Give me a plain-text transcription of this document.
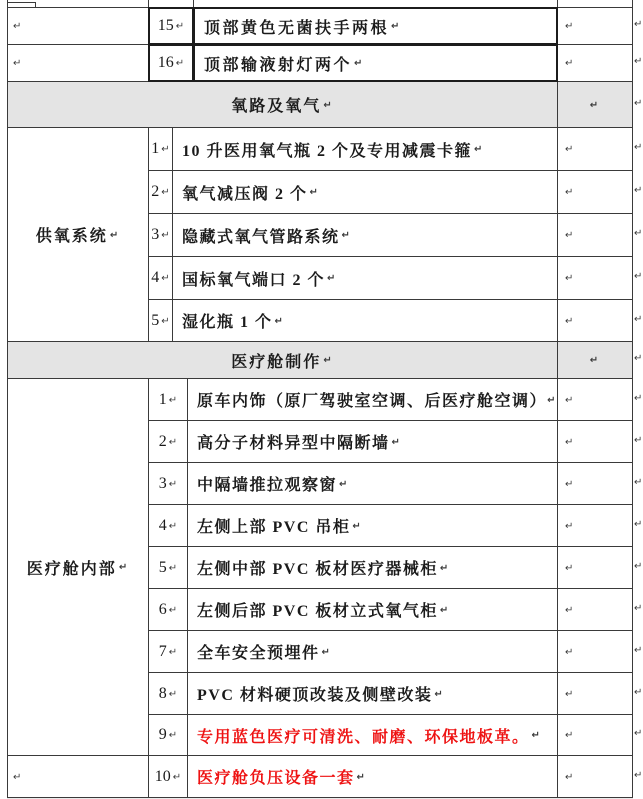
↵	15 ↵ 顶部黄色无菌扶手两根 ↵	↵	↵
↵	16 ↵ 顶部输液射灯两个 ↵	↵	↵
氧路及氧气 ↵	↵	↵
供氧系统 ↵
1 ↵ 10 升医用氧气瓶 2 个及专用减震卡箍 ↵	↵	↵
2 ↵ 氧气减压阀 2 个 ↵	↵	↵
3 ↵ 隐藏式氧气管路系统 ↵	↵	↵
4 ↵ 国标氧气端口 2 个 ↵	↵	↵
5 ↵ 湿化瓶 1 个 ↵	↵	↵
医疗舱制作 ↵	↵	↵
医疗舱内部 ↵
1 ↵ 原车内饰（原厂驾驶室空调、后医疗舱空调） ↵ ↵	↵
2 ↵ 高分子材料异型中隔断墙 ↵	↵	↵
3 ↵ 中隔墙推拉观察窗 ↵	↵	↵
4 ↵ 左侧上部 PVC 吊柜 ↵	↵	↵
5 ↵ 左侧中部 PVC 板材医疗器械柜 ↵	↵	↵
6 ↵ 左侧后部 PVC 板材立式氧气柜 ↵	↵	↵
7 ↵ 全车安全预埋件 ↵	↵	↵
8 ↵ PVC 材料硬顶改装及侧壁改装 ↵	↵	↵
9 ↵ 专用蓝色医疗可清洗、耐磨、环保地板革。 ↵ ↵	↵
↵	10 ↵ 医疗舱负压设备一套 ↵	↵	↵
